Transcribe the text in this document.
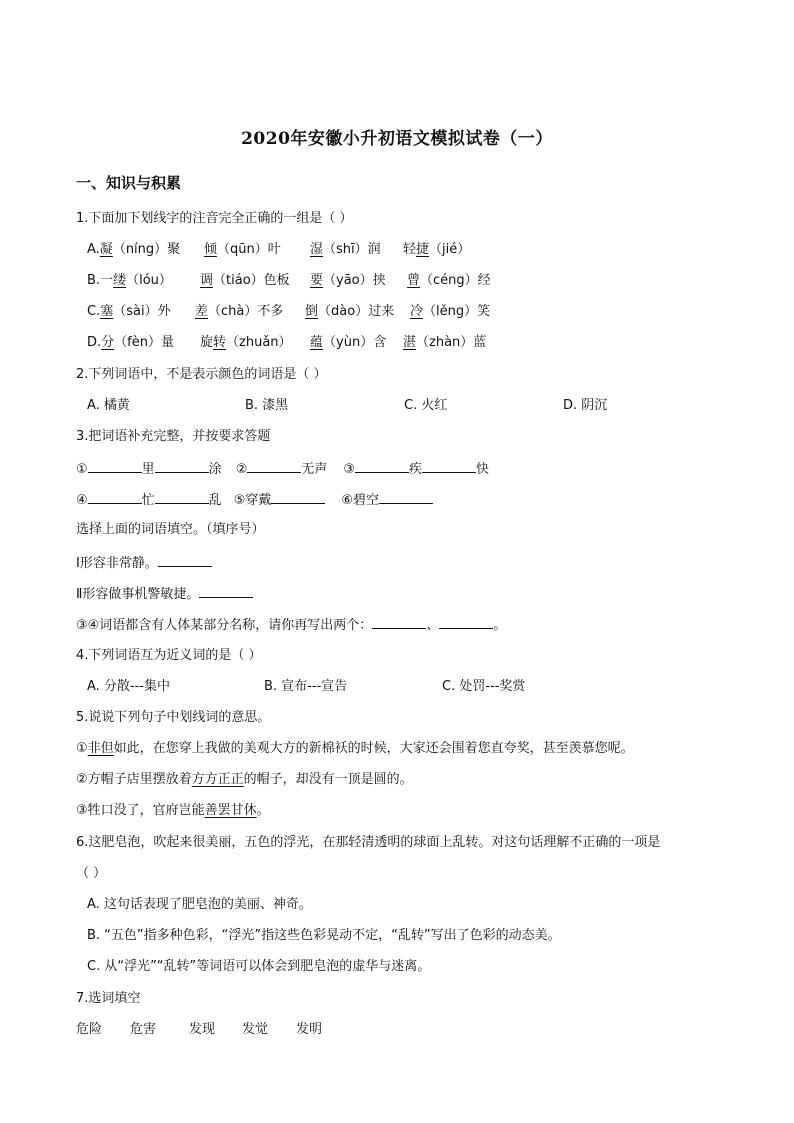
2020年安徽小升初语文模拟试卷（一）
一、知识与积累
1.下面加下划线字的注音完全正确的一组是（ ）
A.凝（níng）聚 倾（qūn）叶 湿（shī）润 轻捷（jié）
B.一缕（lóu） 调（tiáo）色板 要（yāo）挟 曾（céng）经
C.塞（sài）外 差（chà）不多 倒（dào）过来 冷（lěng）笑
D.分（fèn）量 旋转（zhuǎn） 蕴（yùn）含 湛（zhàn）蓝
2.下列词语中，不是表示颜色的词语是（ ）
A. 橘黄	B. 漆黑	C. 火红	D. 阴沉
3.把词语补充完整，并按要求答题
①	里	涂 ②	无声 ③	疾	快
④	忙	乱 ⑤穿戴	⑥碧空
选择上面的词语填空。（填序号）
Ⅰ形容非常静。
Ⅱ形容做事机警敏捷。
③④词语都含有人体某部分名称，请你再写出两个：	、	。
4.下列词语互为近义词的是（ ）
A. 分散---集中	B. 宣布---宣告	C. 处罚---奖赏
5.说说下列句子中划线词的意思。
①非但如此，在您穿上我做的美观大方的新棉袄的时候，大家还会围着您直夸奖，甚至羡慕您呢。
②方帽子店里摆放着方方正正的帽子，却没有一顶是圆的。
③牲口没了，官府岂能善罢甘休。
6.这肥皂泡，吹起来很美丽，五色的浮光，在那轻清透明的球面上乱转。对这句话理解不正确的一项是
（ ）
A. 这句话表现了肥皂泡的美丽、神奇。
B. “五色”指多种色彩，“浮光”指这些色彩晃动不定，“乱转”写出了色彩的动态美。
C. 从“浮光”“乱转”等词语可以体会到肥皂泡的虚华与迷离。
7.选词填空
危险 危害	发现 发觉 发明
